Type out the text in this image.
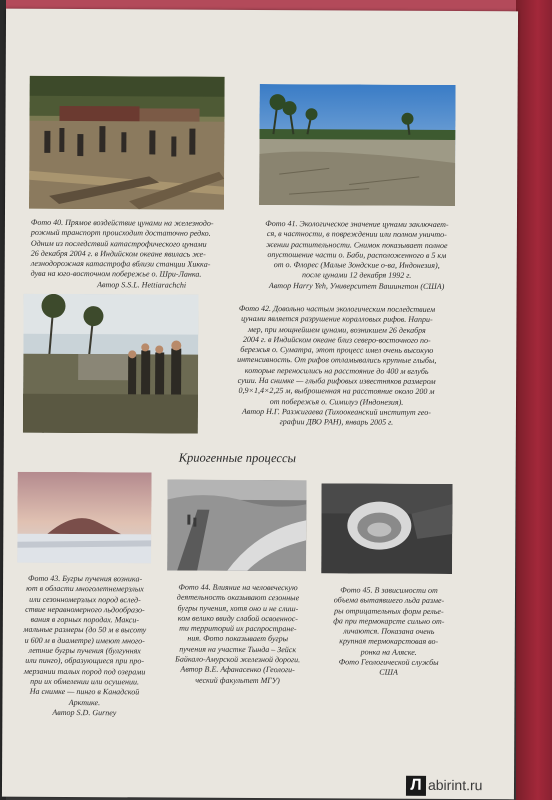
Фото 40. Прямое воздействие цунами на железнодо-
рожный транспорт происходит достаточно редко.
Одним из последствий катастрофического цунами
26 декабря 2004 г. в Индийском океане явилась же-
лезнодорожная катастрофа вблизи станции Хиккa-
дува на юго-восточном побережье о. Шри-Ланка.
Автор S.S.L. Hettiarachchi
Фото 41. Экологическое значение цунами заключает-
ся, в частности, в повреждении или полном уничто-
жении растительности. Снимок показывает полное
опустошение части о. Баби, расположенного в 5 км
от о. Флорес (Малые Зондские о-ва, Индонезия),
после цунами 12 декабря 1992 г.
Автор Harry Yeh, Университет Вашингтон (США)
Фото 42. Довольно частым экологическим последствием
цунами является разрушение коралловых рифов. Напри-
мер, при мощнейшем цунами, возникшем 26 декабря
2004 г. в Индийском океане близ северо-восточного по-
бережья о. Суматра, этот процесс имел очень высокую
интенсивность. От рифов отламывались крупные глыбы,
которые переносились на расстояние до 400 м вглубь
суши. На снимке — глыба рифовых известняков размером
0,9×1,4×2,25 м, выброшенная на расстояние около 200 м
от побережья о. Симилуэ (Индонезия).
Автор Н.Г. Разжигаева (Тихоокеанский институт гео-
графии ДВО РАН), январь 2005 г.
Криогенные процессы
Фото 43. Бугры пучения возника-
ют в области многолетнемерзлых
или сезонномерзлых пород вслед-
ствие неравномерного льдообразо-
вания в горных породах. Макси-
мальные размеры (до 50 м в высоту
и 600 м в диаметре) имеют много-
летние бугры пучения (булгуннях
или пинго), образующиеся при про-
мерзании талых пород под озерами
при их обмелении или осушении.
На снимке — пинго в Канадской
Арктике.
Автор S.D. Gurney
Фото 44. Влияние на человеческую
деятельность оказывают сезонные
бугры пучения, хотя оно и не слиш-
ком велико ввиду слабой освоеннос-
ти территорий их распростране-
ния. Фото показывает бугры
пучения на участке Тында – Зейск
Байкало-Амурской железной дороги.
Автор В.Е. Афанасенко (Геологи-
ческий факультет МГУ)
Фото 45. В зависимости от
объема вытаявшего льда разме-
ры отрицательных форм релье-
фа при термокарсте сильно от-
личаются. Показана очень
крупная термокарстовая во-
ронка на Аляске.
Фото Геологической службы
США
Л abirint.ru
